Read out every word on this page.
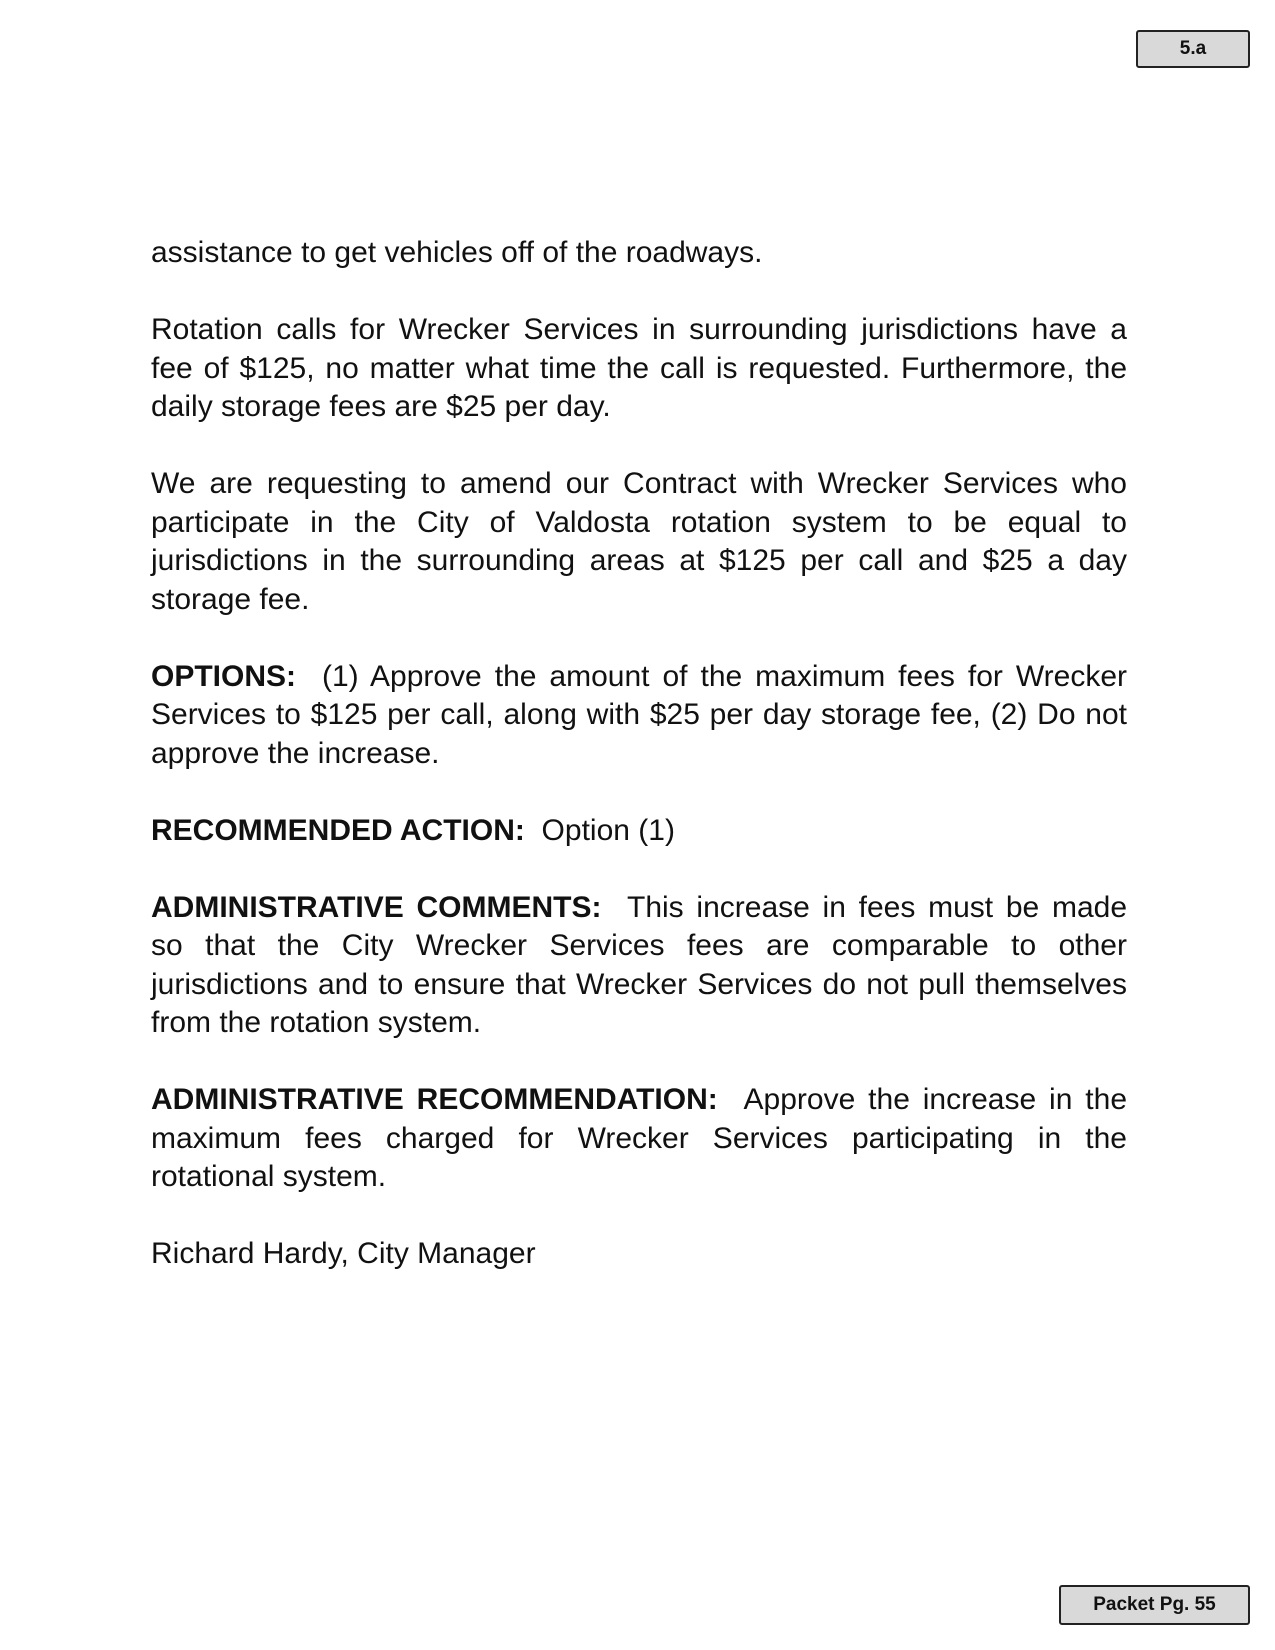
5.a

assistance to get vehicles off of the roadways.

Rotation calls for Wrecker Services in surrounding jurisdictions have a fee of $125, no matter what time the call is requested. Furthermore, the daily storage fees are $25 per day.

We are requesting to amend our Contract with Wrecker Services who participate in the City of Valdosta rotation system to be equal to jurisdictions in the surrounding areas at $125 per call and $25 a day storage fee.

OPTIONS: (1) Approve the amount of the maximum fees for Wrecker Services to $125 per call, along with $25 per day storage fee, (2) Do not approve the increase.

RECOMMENDED ACTION: Option (1)

ADMINISTRATIVE COMMENTS: This increase in fees must be made so that the City Wrecker Services fees are comparable to other jurisdictions and to ensure that Wrecker Services do not pull themselves from the rotation system.

ADMINISTRATIVE RECOMMENDATION: Approve the increase in the maximum fees charged for Wrecker Services participating in the rotational system.

Richard Hardy, City Manager

Packet Pg. 55
